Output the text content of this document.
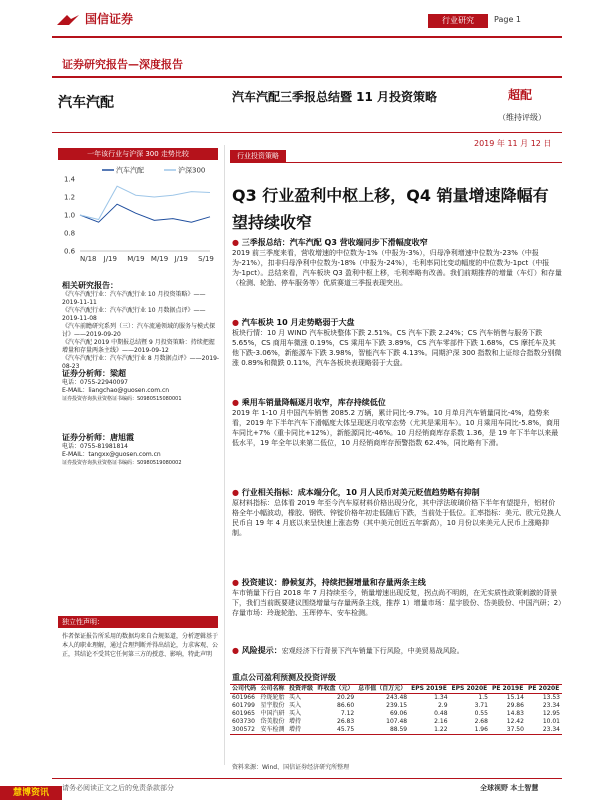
国信证券	行业研究	Page 1
证券研究报告—深度报告
汽车汽配	汽车汽配三季报总结暨 11 月投资策略	超配
（维持评级）
2019 年 11 月 12 日
一年该行业与沪深 300 走势比较
汽车汽配	沪深300
1.4
1.2
1.0
0.8
0.6
N/18 J/19 M/19 M/19 J/19 S/19
相关研究报告：
《汽车汽配行业：汽车汽配行业 10 月投资策略》——2019-11-11
《汽车汽配行业：汽车汽配行业 10 月数据点评》——2019-11-08
《汽车前瞻研究系列（三）：汽车流通领域的服务与模式探讨》——2019-09-20
《汽车汽配 2019 中期报总结暨 9 月投资策略：持续把握增量和存量两条主线》——2019-09-12
《汽车汽配行业：汽车汽配行业 8 月数据点评》——2019-08-23
证券分析师：梁超
电话：0755-22940097
E-MAIL：liangchao@guosen.com.cn
证券投资咨询执业资格证书编码：S0980515080001
证券分析师：唐旭霞
电话：0755-81981814
E-MAIL：tangxx@guosen.com.cn
证券投资咨询执业资格证书编码：S0980519080002
独立性声明：
作者保证报告所采用的数据均来自合规渠道，分析逻辑基于本人的职业理解，通过合理判断并得出结论，力求客观、公正，其结论不受其它任何第三方的授意、影响，特此声明
行业投资策略
Q3 行业盈利中枢上移，Q4 销量增速降幅有望持续收窄
● 三季报总结：汽车汽配 Q3 营收端同步下滑幅度收窄
2019 前三季度来看，营收增速的中位数为-1%（中报为-3%），归母净利增速中位数为-23%（中报为-21%），扣非归母净利中位数为-18%（中报为-24%），毛利率同比变动幅度的中位数为-1pct（中报为-1pct）。总结来看，汽车板块 Q3 盈利中枢上移，毛利率略有改善。我们前期推荐的增量（车灯）和存量（检测、轮胎、停车服务等）优质赛道三季报表现突出。
● 汽车板块 10 月走势略弱于大盘
板块行情：10 月 WIND 汽车板块整体下跌 2.51%。CS 汽车下跌 2.24%；CS 汽车销售与服务下跌 5.65%，CS 商用车微涨 0.19%，CS 乘用车下跌 3.89%，CS 汽车零部件下跌 1.68%，CS 摩托车及其他下跌-3.06%，新能源车下跌 3.98%，智能汽车下跌 4.13%。同期沪深 300 指数和上证综合指数分别微涨 0.89%和微跌 0.11%，汽车各板块表现略弱于大盘。
● 乘用车销量降幅逐月收窄，库存持续低位
2019 年 1-10 月中国汽车销售 2085.2 万辆，累计同比-9.7%。10 月单月汽车销量同比-4%，趋势来看，2019 年下半年汽车下滑幅度大体呈现逐月收窄态势（尤其是乘用车）。10 月乘用车同比-5.8%，商用车同比+7%（重卡同比+12%），新能源同比-46%。10 月经销商库存系数 1.36，是 19 年下半年以来最低水平，19 年全年以来第二低位，10 月经销商库存预警指数 62.4%，同比略有下滑。
● 行业相关指标：成本端分化，10 月人民币对美元贬值趋势略有抑制
原材料指标：总体看 2019 年至今汽车原材料价格出现分化，其中浮法玻璃价格下半年有望提升，铝材价格全年小幅波动，橡胶、钢铁、锌锭价格年初走低随后下跌，当前处于低位。汇率指标：美元、欧元兑换人民币自 19 年 4 月底以来呈快速上涨态势（其中美元创近五年新高），10 月份以来美元人民币上涨略抑制。
● 投资建议：静候复苏，持续把握增量和存量两条主线
车市销量下行自 2018 年 7 月持续至今，销量增速出现反复，拐点尚不明朗，在无实质性政策刺激的背景下，我们当前既要建议围绕增量与存量两条主线，推荐 1）增量市场：星宇股份、岱美股份、中国汽研；2）存量市场：玲珑轮胎、玉珲停车、安车检测。
● 风险提示：宏观经济下行背景下汽车销量下行风险，中美贸易战风险。
重点公司盈利预测及投资评级
公司代码	公司名称	投资评级	昨收盘（元）	总市值（百万元）	EPS 2019E	EPS 2020E	PE 2019E	PE 2020E
601966	玲珑轮胎	买入	20.29	243.48	1.34	1.5	15.14	13.53
601799	星宇股份	买入	86.60	239.15	2.9	3.71	29.86	23.34
601965	中国汽研	买入	7.12	69.06	0.48	0.55	14.83	12.95
603730	岱美股份	增持	26.83	107.48	2.16	2.68	12.42	10.01
300572	安车检测	增持	45.75	88.59	1.22	1.96	37.50	23.34
资料来源：Wind、国信证券经济研究所整理
请务必阅读正文之后的免责条款部分	全球视野 本土智慧
慧博资讯
